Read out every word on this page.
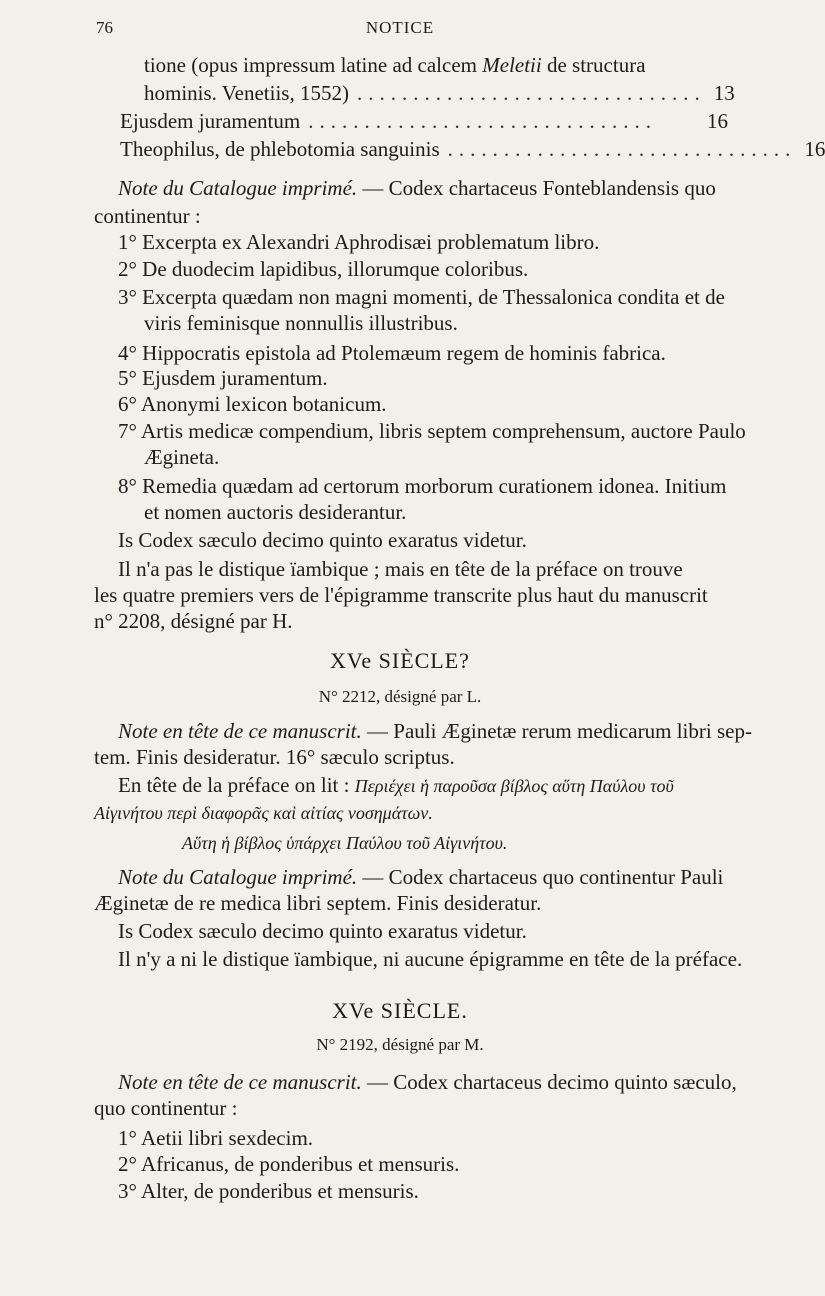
76	NOTICE
tione (opus impressum latine ad calcem Meletii de structura
hominis. Venetiis, 1552) ............................... 13
Ejusdem juramentum ...............................	16
Theophilus, de phlebotomia sanguinis ............................... 16
Note du Catalogue imprimé. — Codex chartaceus Fonteblandensis quo
continentur :
1° Excerpta ex Alexandri Aphrodisæi problematum libro.
2° De duodecim lapidibus, illorumque coloribus.
3° Excerpta quædam non magni momenti, de Thessalonica condita et de
viris feminisque nonnullis illustribus.
4° Hippocratis epistola ad Ptolemæum regem de hominis fabrica.
5° Ejusdem juramentum.
6° Anonymi lexicon botanicum.
7° Artis medicæ compendium, libris septem comprehensum, auctore Paulo
Ægineta.
8° Remedia quædam ad certorum morborum curationem idonea. Initium
et nomen auctoris desiderantur.
Is Codex sæculo decimo quinto exaratus videtur.
Il n'a pas le distique ïambique ; mais en tête de la préface on trouve
les quatre premiers vers de l'épigramme transcrite plus haut du manuscrit
n° 2208, désigné par H.
XVe SIÈCLE?
N° 2212, désigné par L.
Note en tête de ce manuscrit. — Pauli Æginetæ rerum medicarum libri sep-
tem. Finis desideratur. 16° sæculo scriptus.
En tête de la préface on lit : Περιέχει ἡ παροῦσα βίβλος αὕτη Παύλου τοῦ
Αἰγινήτου περὶ διαφορᾶς καὶ αἰτίας νοσημάτων.
Αὕτη ἡ βίβλος ὑπάρχει Παύλου τοῦ Αἰγινήτου.
Note du Catalogue imprimé. — Codex chartaceus quo continentur Pauli
Æginetæ de re medica libri septem. Finis desideratur.
Is Codex sæculo decimo quinto exaratus videtur.
Il n'y a ni le distique ïambique, ni aucune épigramme en tête de la préface.
XVe SIÈCLE.
N° 2192, désigné par M.
Note en tête de ce manuscrit. — Codex chartaceus decimo quinto sæculo,
quo continentur :
1° Aetii libri sexdecim.
2° Africanus, de ponderibus et mensuris.
3° Alter, de ponderibus et mensuris.
